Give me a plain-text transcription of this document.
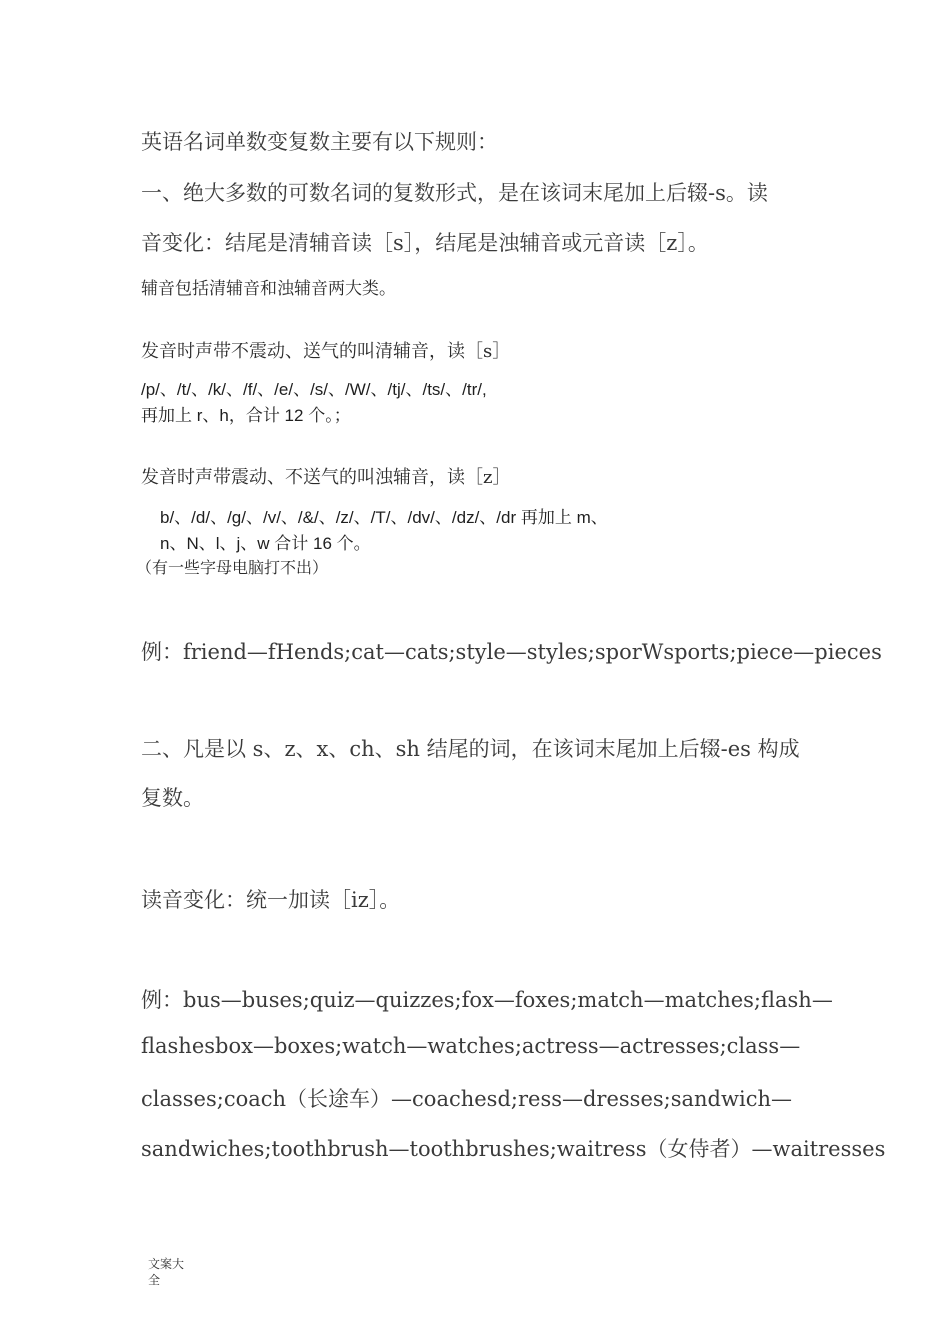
英语名词单数变复数主要有以下规则：

一、绝大多数的可数名词的复数形式，是在该词末尾加上后辍-s。读

音变化：结尾是清辅音读［s］，结尾是浊辅音或元音读［z］。

辅音包括清辅音和浊辅音两大类。

发音时声带不震动、送气的叫清辅音，读［s］

/p/、/t/、/k/、/f/、/e/、/s/、/W/、/tj/、/ts/、/tr/,

再加上 r、h，合计 12 个。；

发音时声带震动、不送气的叫浊辅音，读［z］

b/、/d/、/g/、/v/、/&/、/z/、/T/、/dv/、/dz/、/dr 再加上 m、

n、N、l、j、w 合计 16 个。

（有一些字母电脑打不出）

例：friend—fHends;cat—cats;style—styles;sporWsports;piece—pieces

二、凡是以 s、z、x、ch、sh 结尾的词，在该词末尾加上后辍-es 构成

复数。

读音变化：统一加读［iz］。

例：bus—buses;quiz—quizzes;fox—foxes;match—matches;flash—

flashesbox—boxes;watch—watches;actress—actresses;class—

classes;coach（长途车）—coachesd;ress—dresses;sandwich—

sandwiches;toothbrush—toothbrushes;waitress（女侍者）—waitresses

文案大全
